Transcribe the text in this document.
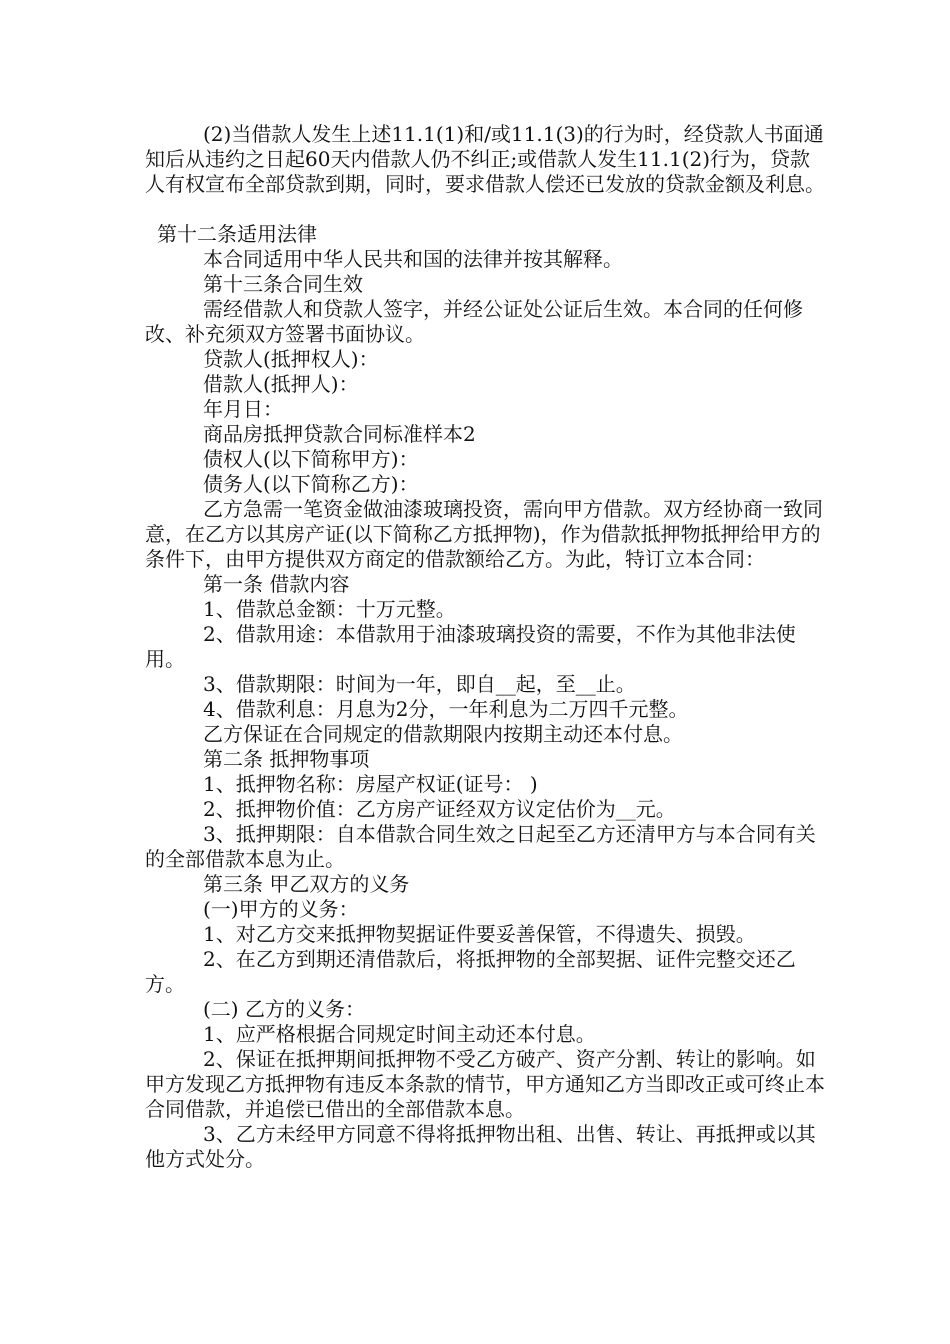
(2)当借款人发生上述11.1(1)和/或11.1(3)的行为时，经贷款人书面通知后从违约之日起60天内借款人仍不纠正;或借款人发生11.1(2)行为，贷款人有权宣布全部贷款到期，同时，要求借款人偿还已发放的贷款金额及利息。

第十二条适用法律

本合同适用中华人民共和国的法律并按其解释。

第十三条合同生效

需经借款人和贷款人签字，并经公证处公证后生效。本合同的任何修改、补充须双方签署书面协议。

贷款人(抵押权人)：

借款人(抵押人)：

年月日：

商品房抵押贷款合同标准样本2

债权人(以下简称甲方)：

债务人(以下简称乙方)：

乙方急需一笔资金做油漆玻璃投资，需向甲方借款。双方经协商一致同意，在乙方以其房产证(以下简称乙方抵押物)，作为借款抵押物抵押给甲方的条件下，由甲方提供双方商定的借款额给乙方。为此，特订立本合同：

第一条 借款内容

1、借款总金额：十万元整。

2、借款用途：本借款用于油漆玻璃投资的需要，不作为其他非法使用。

3、借款期限：时间为一年，即自__起，至__止。

4、借款利息：月息为2分，一年利息为二万四千元整。

乙方保证在合同规定的借款期限内按期主动还本付息。

第二条 抵押物事项

1、抵押物名称：房屋产权证(证号： )

2、抵押物价值：乙方房产证经双方议定估价为__元。

3、抵押期限：自本借款合同生效之日起至乙方还清甲方与本合同有关的全部借款本息为止。

第三条 甲乙双方的义务

(一)甲方的义务：

1、对乙方交来抵押物契据证件要妥善保管，不得遗失、损毁。

2、在乙方到期还清借款后，将抵押物的全部契据、证件完整交还乙方。

(二) 乙方的义务：

1、应严格根据合同规定时间主动还本付息。

2、保证在抵押期间抵押物不受乙方破产、资产分割、转让的影响。如甲方发现乙方抵押物有违反本条款的情节，甲方通知乙方当即改正或可终止本合同借款，并追偿已借出的全部借款本息。

3、乙方未经甲方同意不得将抵押物出租、出售、转让、再抵押或以其他方式处分。
